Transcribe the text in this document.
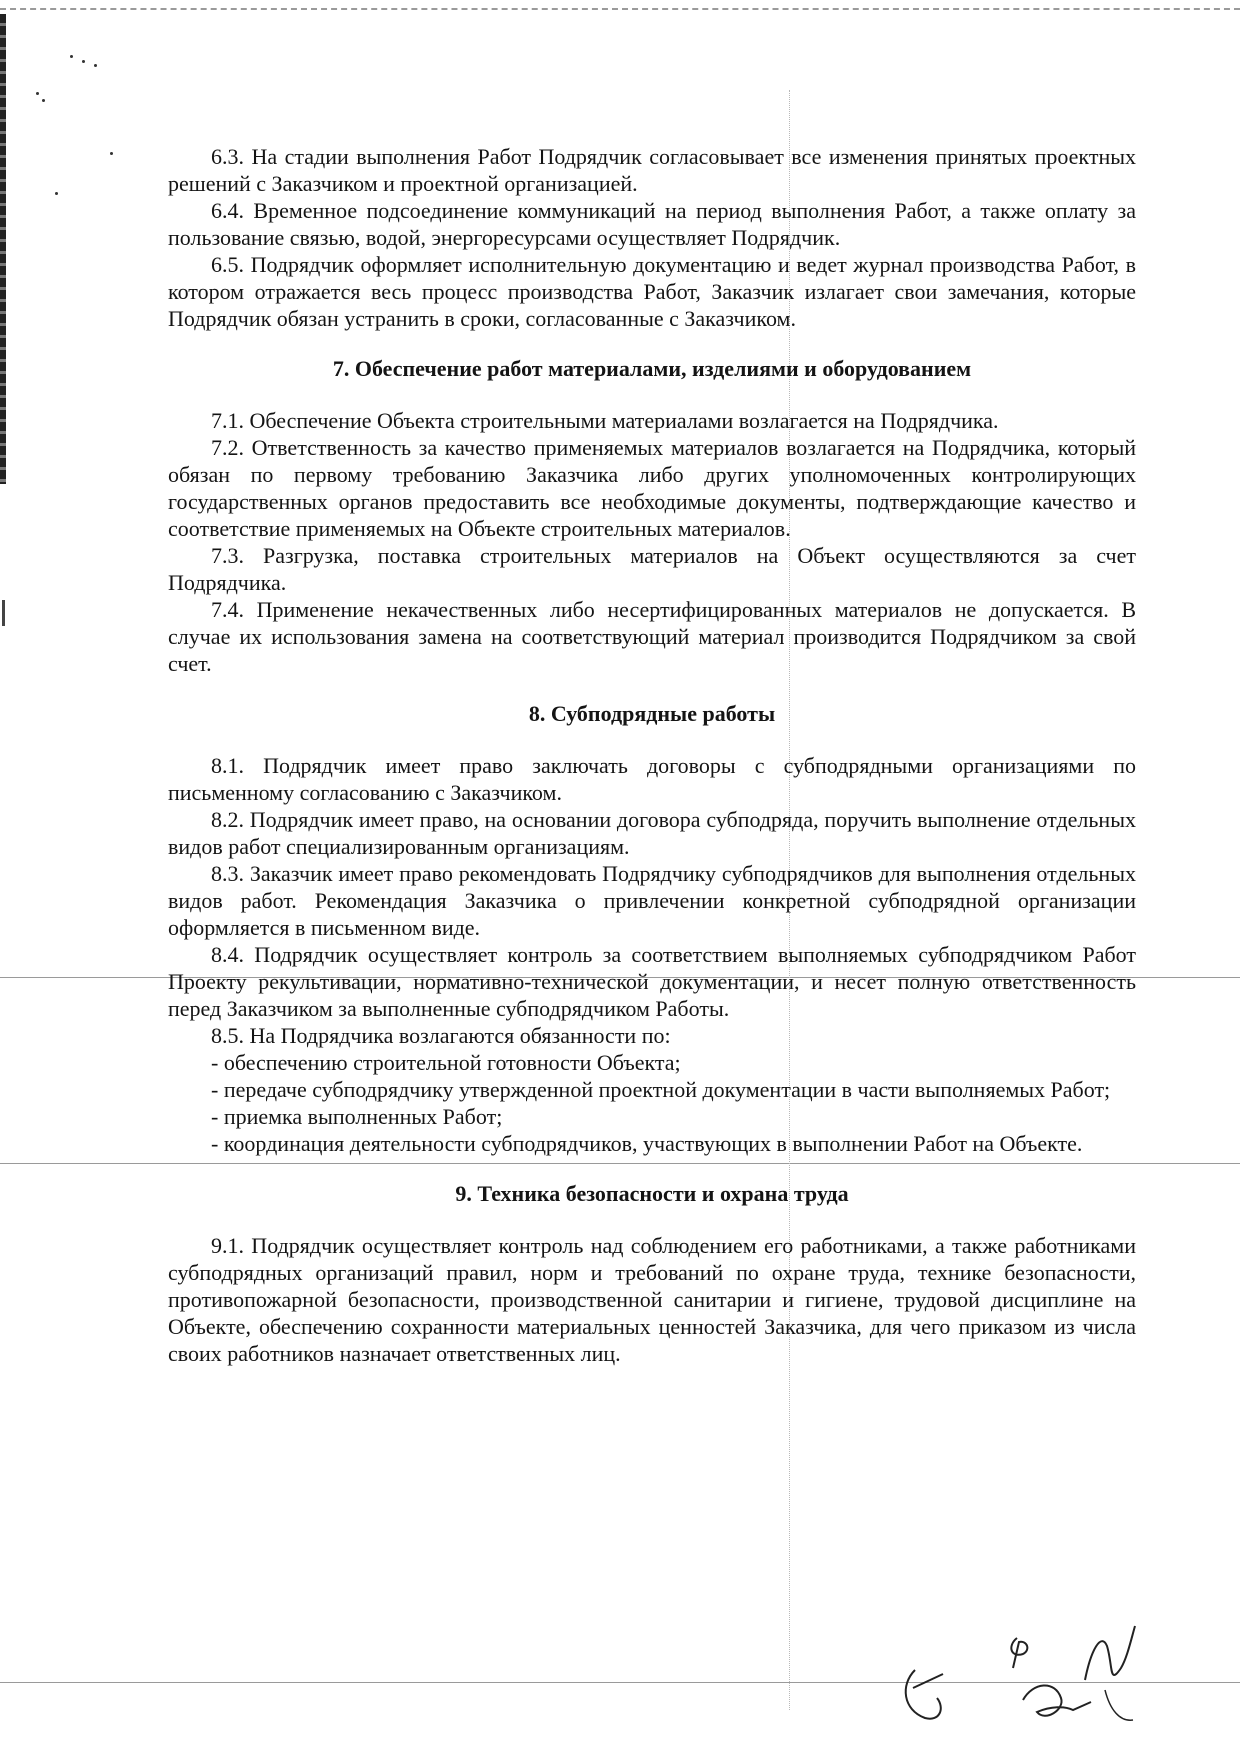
6.3. На стадии выполнения Работ Подрядчик согласовывает все изменения принятых проектных решений с Заказчиком и проектной организацией.

6.4. Временное подсоединение коммуникаций на период выполнения Работ, а также оплату за пользование связью, водой, энергоресурсами осуществляет Подрядчик.

6.5. Подрядчик оформляет исполнительную документацию и ведет журнал производства Работ, в котором отражается весь процесс производства Работ, Заказчик излагает свои замечания, которые Подрядчик обязан устранить в сроки, согласованные с Заказчиком.

7. Обеспечение работ материалами, изделиями и оборудованием

7.1. Обеспечение Объекта строительными материалами возлагается на Подрядчика.

7.2. Ответственность за качество применяемых материалов возлагается на Подрядчика, который обязан по первому требованию Заказчика либо других уполномоченных контролирующих государственных органов предоставить все необходимые документы, подтверждающие качество и соответствие применяемых на Объекте строительных материалов.

7.3. Разгрузка, поставка строительных материалов на Объект осуществляются за счет Подрядчика.

7.4. Применение некачественных либо несертифицированных материалов не допускается. В случае их использования замена на соответствующий материал производится Подрядчиком за свой счет.

8. Субподрядные работы

8.1. Подрядчик имеет право заключать договоры с субподрядными организациями по письменному согласованию с Заказчиком.

8.2. Подрядчик имеет право, на основании договора субподряда, поручить выполнение отдельных видов работ специализированным организациям.

8.3. Заказчик имеет право рекомендовать Подрядчику субподрядчиков для выполнения отдельных видов работ. Рекомендация Заказчика о привлечении конкретной субподрядной организации оформляется в письменном виде.

8.4. Подрядчик осуществляет контроль за соответствием выполняемых субподрядчиком Работ Проекту рекультивации, нормативно-технической документации, и несет полную ответственность перед Заказчиком за выполненные субподрядчиком Работы.

8.5. На Подрядчика возлагаются обязанности по:

- обеспечению строительной готовности Объекта;

- передаче субподрядчику утвержденной проектной документации в части выполняемых Работ;

- приемка выполненных Работ;

- координация деятельности субподрядчиков, участвующих в выполнении Работ на Объекте.

9. Техника безопасности и охрана труда

9.1. Подрядчик осуществляет контроль над соблюдением его работниками, а также работниками субподрядных организаций правил, норм и требований по охране труда, технике безопасности, противопожарной безопасности, производственной санитарии и гигиене, трудовой дисциплине на Объекте, обеспечению сохранности материальных ценностей Заказчика, для чего приказом из числа своих работников назначает ответственных лиц.
